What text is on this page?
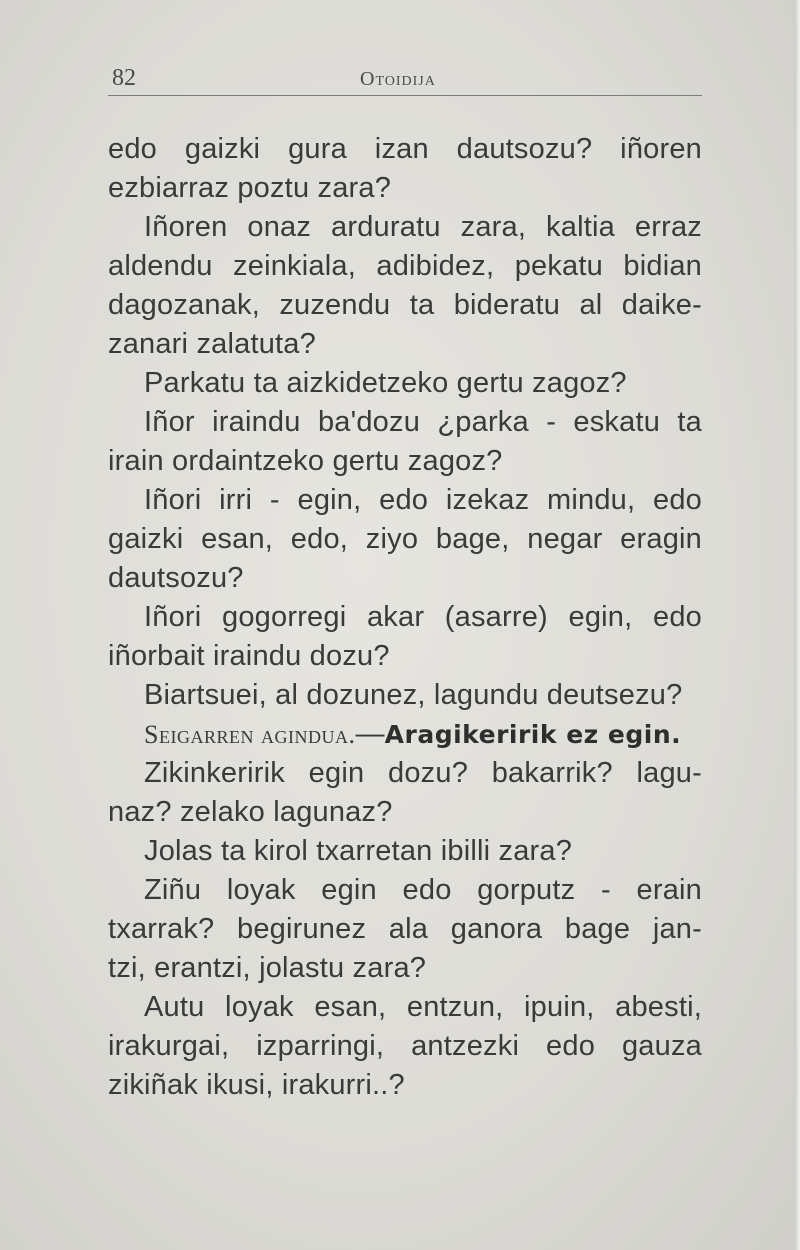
82	Otoidija
edo gaizki gura izan dautsozu? iñoren
ezbiarraz poztu zara?
Iñoren onaz arduratu zara, kaltia erraz
aldendu zeinkiala, adibidez, pekatu bidian
dagozanak, zuzendu ta bideratu al daike-
zanari zalatuta?
Parkatu ta aizkidetzeko gertu zagoz?
Iñor iraindu ba'dozu ¿parka - eskatu ta
irain ordaintzeko gertu zagoz?
Iñori irri - egin, edo izekaz mindu, edo
gaizki esan, edo, ziyo bage, negar eragin
dautsozu?
Iñori gogorregi akar (asarre) egin, edo
iñorbait iraindu dozu?
Biartsuei, al dozunez, lagundu deutsezu?
Seigarren agindua.—Aragikeririk ez egin.
Zikinkeririk egin dozu? bakarrik? lagu-
naz? zelako lagunaz?
Jolas ta kirol txarretan ibilli zara?
Ziñu loyak egin edo gorputz - erain
txarrak? begirunez ala ganora bage jan-
tzi, erantzi, jolastu zara?
Autu loyak esan, entzun, ipuin, abesti,
irakurgai, izparringi, antzezki edo gauza
zikiñak ikusi, irakurri..?
